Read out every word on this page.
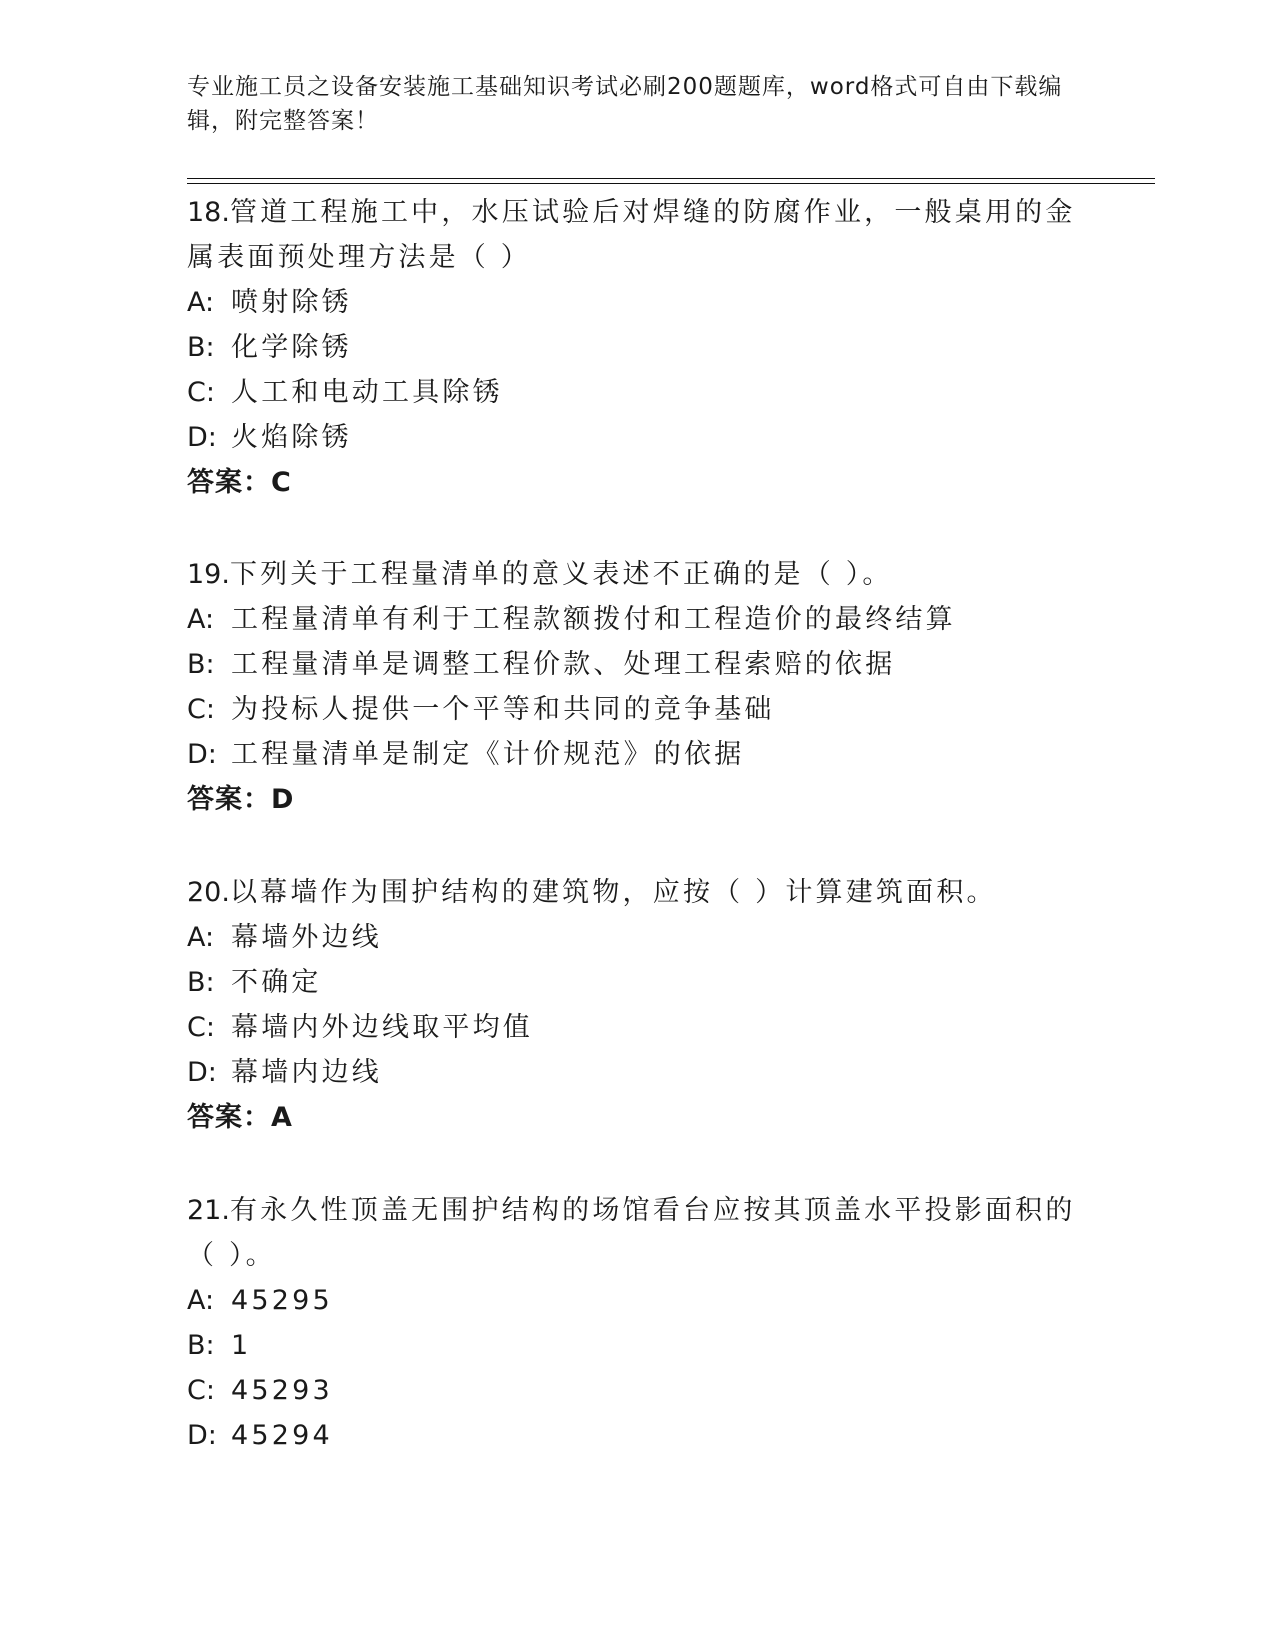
专业施工员之设备安装施工基础知识考试必刷200题题库，word格式可自由下载编辑，附完整答案！

18.管道工程施工中，水压试验后对焊缝的防腐作业，一般桌用的金属表面预处理方法是（ ）

A: 喷射除锈

B: 化学除锈

C: 人工和电动工具除锈

D: 火焰除锈

答案：C

19.下列关于工程量清单的意义表述不正确的是（ ）。

A: 工程量清单有利于工程款额拨付和工程造价的最终结算

B: 工程量清单是调整工程价款、处理工程索赔的依据

C: 为投标人提供一个平等和共同的竞争基础

D: 工程量清单是制定《计价规范》的依据

答案：D

20.以幕墙作为围护结构的建筑物，应按（ ）计算建筑面积。

A: 幕墙外边线

B: 不确定

C: 幕墙内外边线取平均值

D: 幕墙内边线

答案：A

21.有永久性顶盖无围护结构的场馆看台应按其顶盖水平投影面积的（ ）。

A: 45295

B: 1

C: 45293

D: 45294
